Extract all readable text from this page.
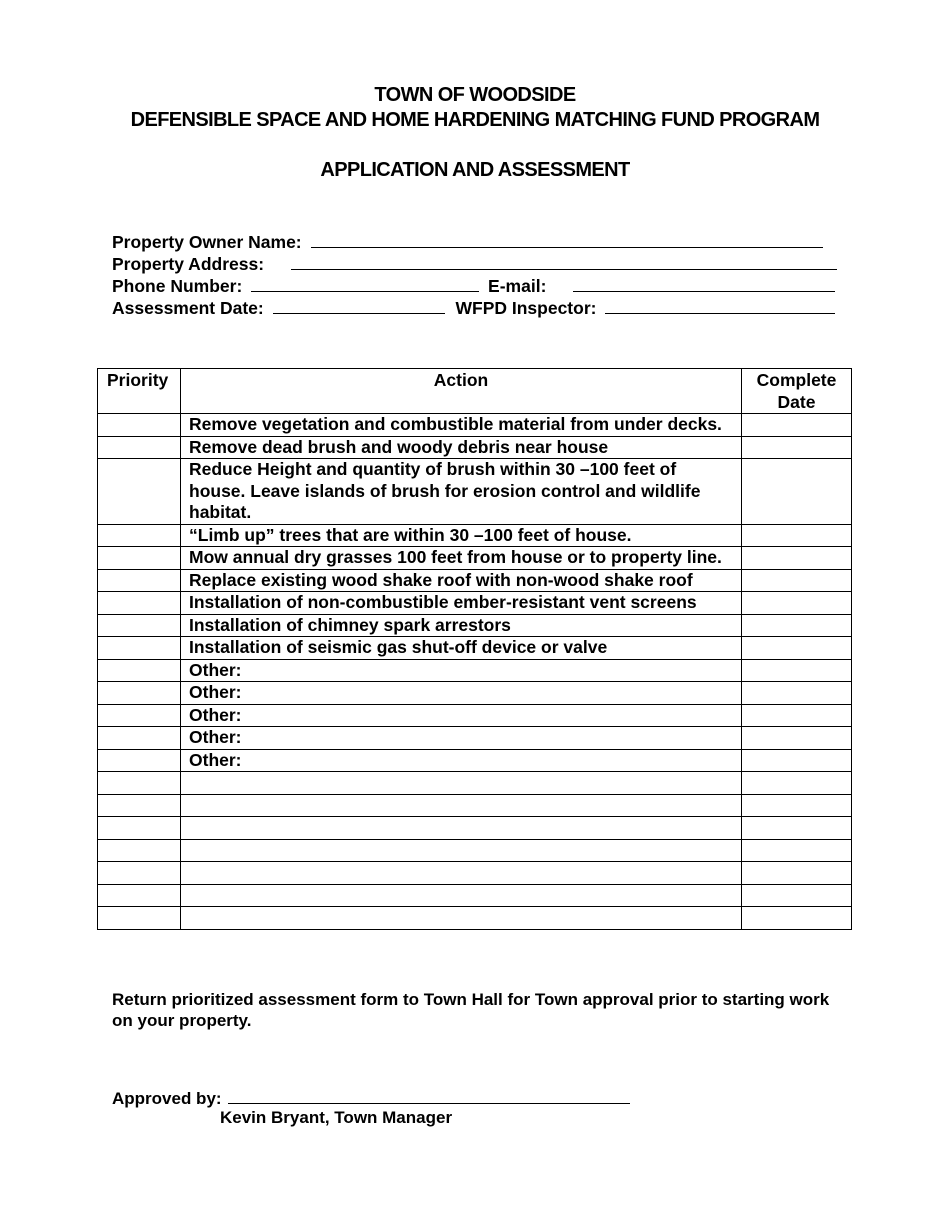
TOWN OF WOODSIDE
DEFENSIBLE SPACE AND HOME HARDENING MATCHING FUND PROGRAM
APPLICATION AND ASSESSMENT
Property Owner Name:
Property Address:
Phone Number:	E-mail:
Assessment Date:	WFPD Inspector:
Priority	Action	Complete
Date
	Remove vegetation and combustible material from under decks.	
	Remove dead brush and woody debris near house	
	Reduce Height and quantity of brush within 30 –100 feet of house. Leave islands of brush for erosion control and wildlife habitat.	
	“Limb up” trees that are within 30 –100 feet of house.	
	Mow annual dry grasses 100 feet from house or to property line.	
	Replace existing wood shake roof with non-wood shake roof	
	Installation of non-combustible ember-resistant vent screens	
	Installation of chimney spark arrestors	
	Installation of seismic gas shut-off device or valve	
	Other:	
	Other:	
	Other:	
	Other:	
	Other:	

Return prioritized assessment form to Town Hall for Town approval prior to starting work on your property.
Approved by:
Kevin Bryant, Town Manager
